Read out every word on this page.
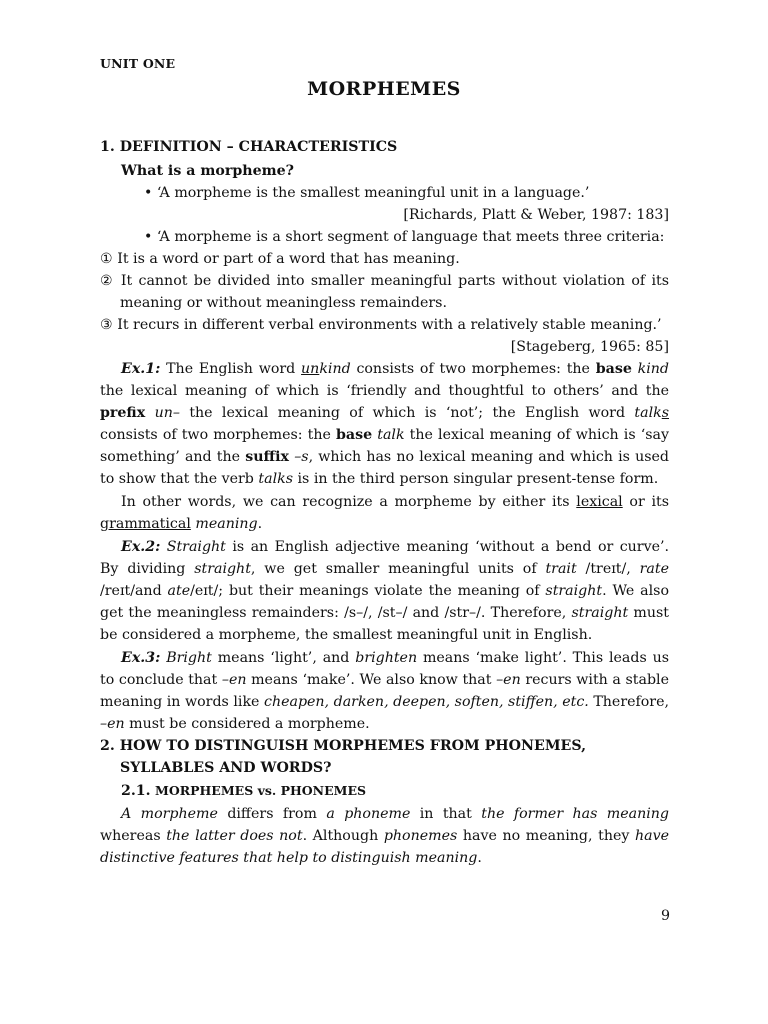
UNIT ONE
MORPHEMES

1. DEFINITION – CHARACTERISTICS

What is a morpheme?

• ‘A morpheme is the smallest meaningful unit in a language.’

[Richards, Platt & Weber, 1987: 183]

• ‘A morpheme is a short segment of language that meets three criteria:

① It is a word or part of a word that has meaning.

② It cannot be divided into smaller meaningful parts without violation of its meaning or without meaningless remainders.

③ It recurs in different verbal environments with a relatively stable meaning.’

[Stageberg, 1965: 85]

Ex.1: The English word unkind consists of two morphemes: the base kind the lexical meaning of which is ‘friendly and thoughtful to others’ and the prefix un– the lexical meaning of which is ‘not’; the English word talks consists of two morphemes: the base talk the lexical meaning of which is ‘say something’ and the suffix –s, which has no lexical meaning and which is used to show that the verb talks is in the third person singular present-tense form.

In other words, we can recognize a morpheme by either its lexical or its grammatical meaning.

Ex.2: Straight is an English adjective meaning ‘without a bend or curve’. By dividing straight, we get smaller meaningful units of trait /treɪt/, rate /reɪt/and ate/eɪt/; but their meanings violate the meaning of straight. We also get the meaningless remainders: /s–/, /st–/ and /str–/. Therefore, straight must be considered a morpheme, the smallest meaningful unit in English.

Ex.3: Bright means ‘light’, and brighten means ‘make light’. This leads us to conclude that –en means ‘make’. We also know that –en recurs with a stable meaning in words like cheapen, darken, deepen, soften, stiffen, etc. Therefore, –en must be considered a morpheme.

2. HOW TO DISTINGUISH MORPHEMES FROM PHONEMES, SYLLABLES AND WORDS?

2.1. MORPHEMES vs. PHONEMES

A morpheme differs from a phoneme in that the former has meaning whereas the latter does not. Although phonemes have no meaning, they have distinctive features that help to distinguish meaning.

9
